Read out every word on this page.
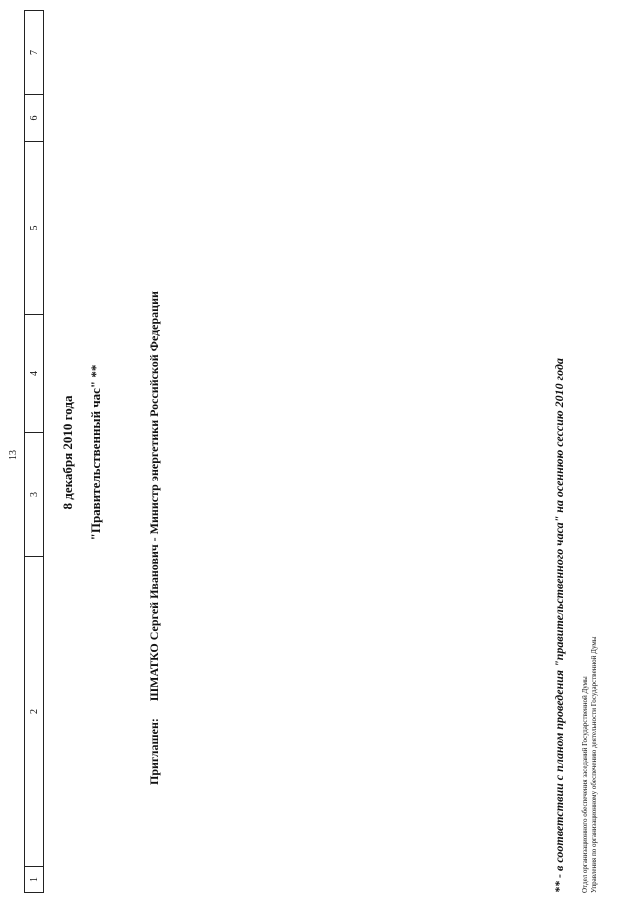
13
1
2
3
4
5
6
7
8 декабря 2010 года "Правительственный час" **
Приглашен: ШМАТКО Сергей Иванович - Министр энергетики Российской Федерации	** - в соответствии с планом проведения "правительственного часа" на осеннюю сессию 2010 года Отдел организационного обеспечения заседаний Государственной Думы Управления по организационному обеспечению деятельности Государственной Думы
